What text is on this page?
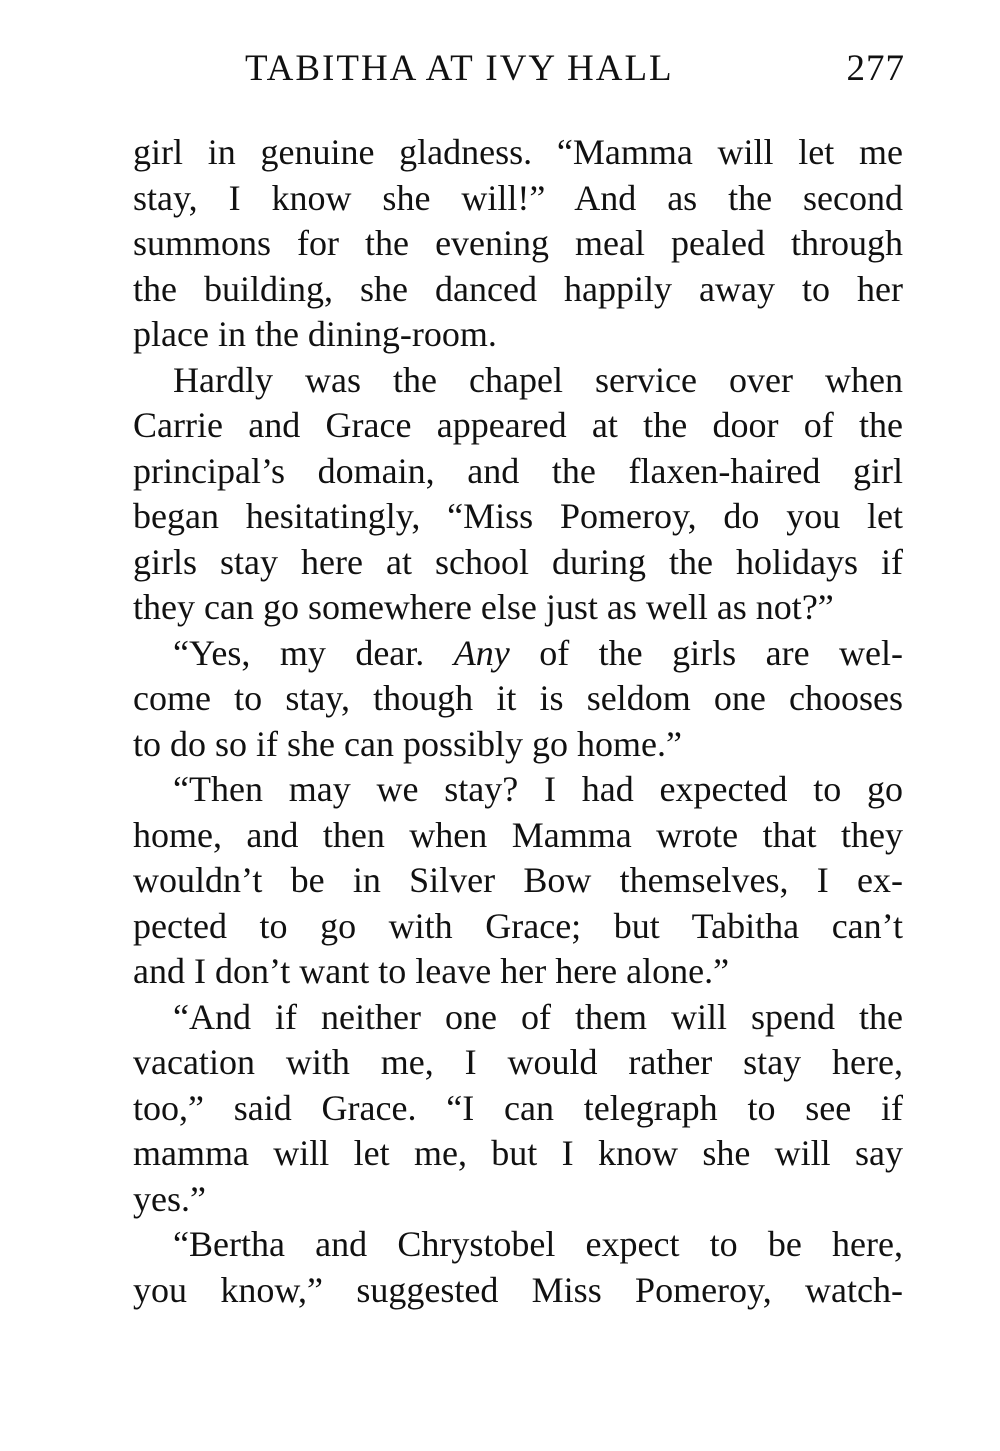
TABITHA AT IVY HALL	277
girl in genuine gladness. “Mamma will let me
stay, I know she will!” And as the second
summons for the evening meal pealed through
the building, she danced happily away to her
place in the dining-room.
Hardly was the chapel service over when
Carrie and Grace appeared at the door of the
principal’s domain, and the flaxen-haired girl
began hesitatingly, “Miss Pomeroy, do you let
girls stay here at school during the holidays if
they can go somewhere else just as well as not?”
“Yes, my dear. Any of the girls are wel-
come to stay, though it is seldom one chooses
to do so if she can possibly go home.”
“Then may we stay? I had expected to go
home, and then when Mamma wrote that they
wouldn’t be in Silver Bow themselves, I ex-
pected to go with Grace; but Tabitha can’t
and I don’t want to leave her here alone.”
“And if neither one of them will spend the
vacation with me, I would rather stay here,
too,” said Grace. “I can telegraph to see if
mamma will let me, but I know she will say
yes.”
“Bertha and Chrystobel expect to be here,
you know,” suggested Miss Pomeroy, watch-
